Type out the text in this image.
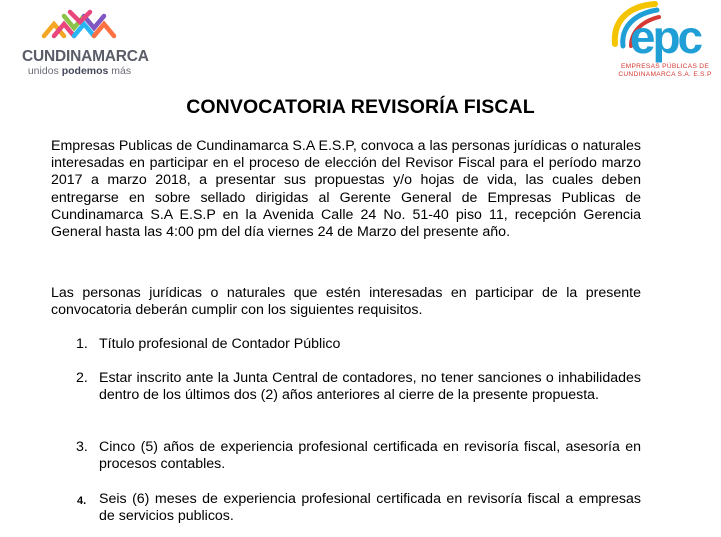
CUNDINAMARCA
unidos podemos más
epc
EMPRESAS PÚBLICAS DE
CUNDINAMARCA S.A. E.S.P
CONVOCATORIA REVISORÍA FISCAL
Empresas Publicas de Cundinamarca S.A E.S.P, convoca a las personas jurídicas o naturales interesadas en participar en el proceso de elección del Revisor Fiscal para el período marzo 2017 a marzo 2018, a presentar sus propuestas y/o hojas de vida, las cuales deben entregarse en sobre sellado dirigidas al Gerente General de Empresas Publicas de Cundinamarca S.A E.S.P en la Avenida Calle 24 No. 51-40 piso 11, recepción Gerencia General hasta las 4:00 pm del día viernes 24 de Marzo del presente año.
Las personas jurídicas o naturales que estén interesadas en participar de la presente convocatoria deberán cumplir con los siguientes requisitos.
1. Título profesional de Contador Público
2. Estar inscrito ante la Junta Central de contadores, no tener sanciones o inhabilidades dentro de los últimos dos (2) años anteriores al cierre de la presente propuesta.
3. Cinco (5) años de experiencia profesional certificada en revisoría fiscal, asesoría en procesos contables.
4. Seis (6) meses de experiencia profesional certificada en revisoría fiscal a empresas de servicios publicos.
